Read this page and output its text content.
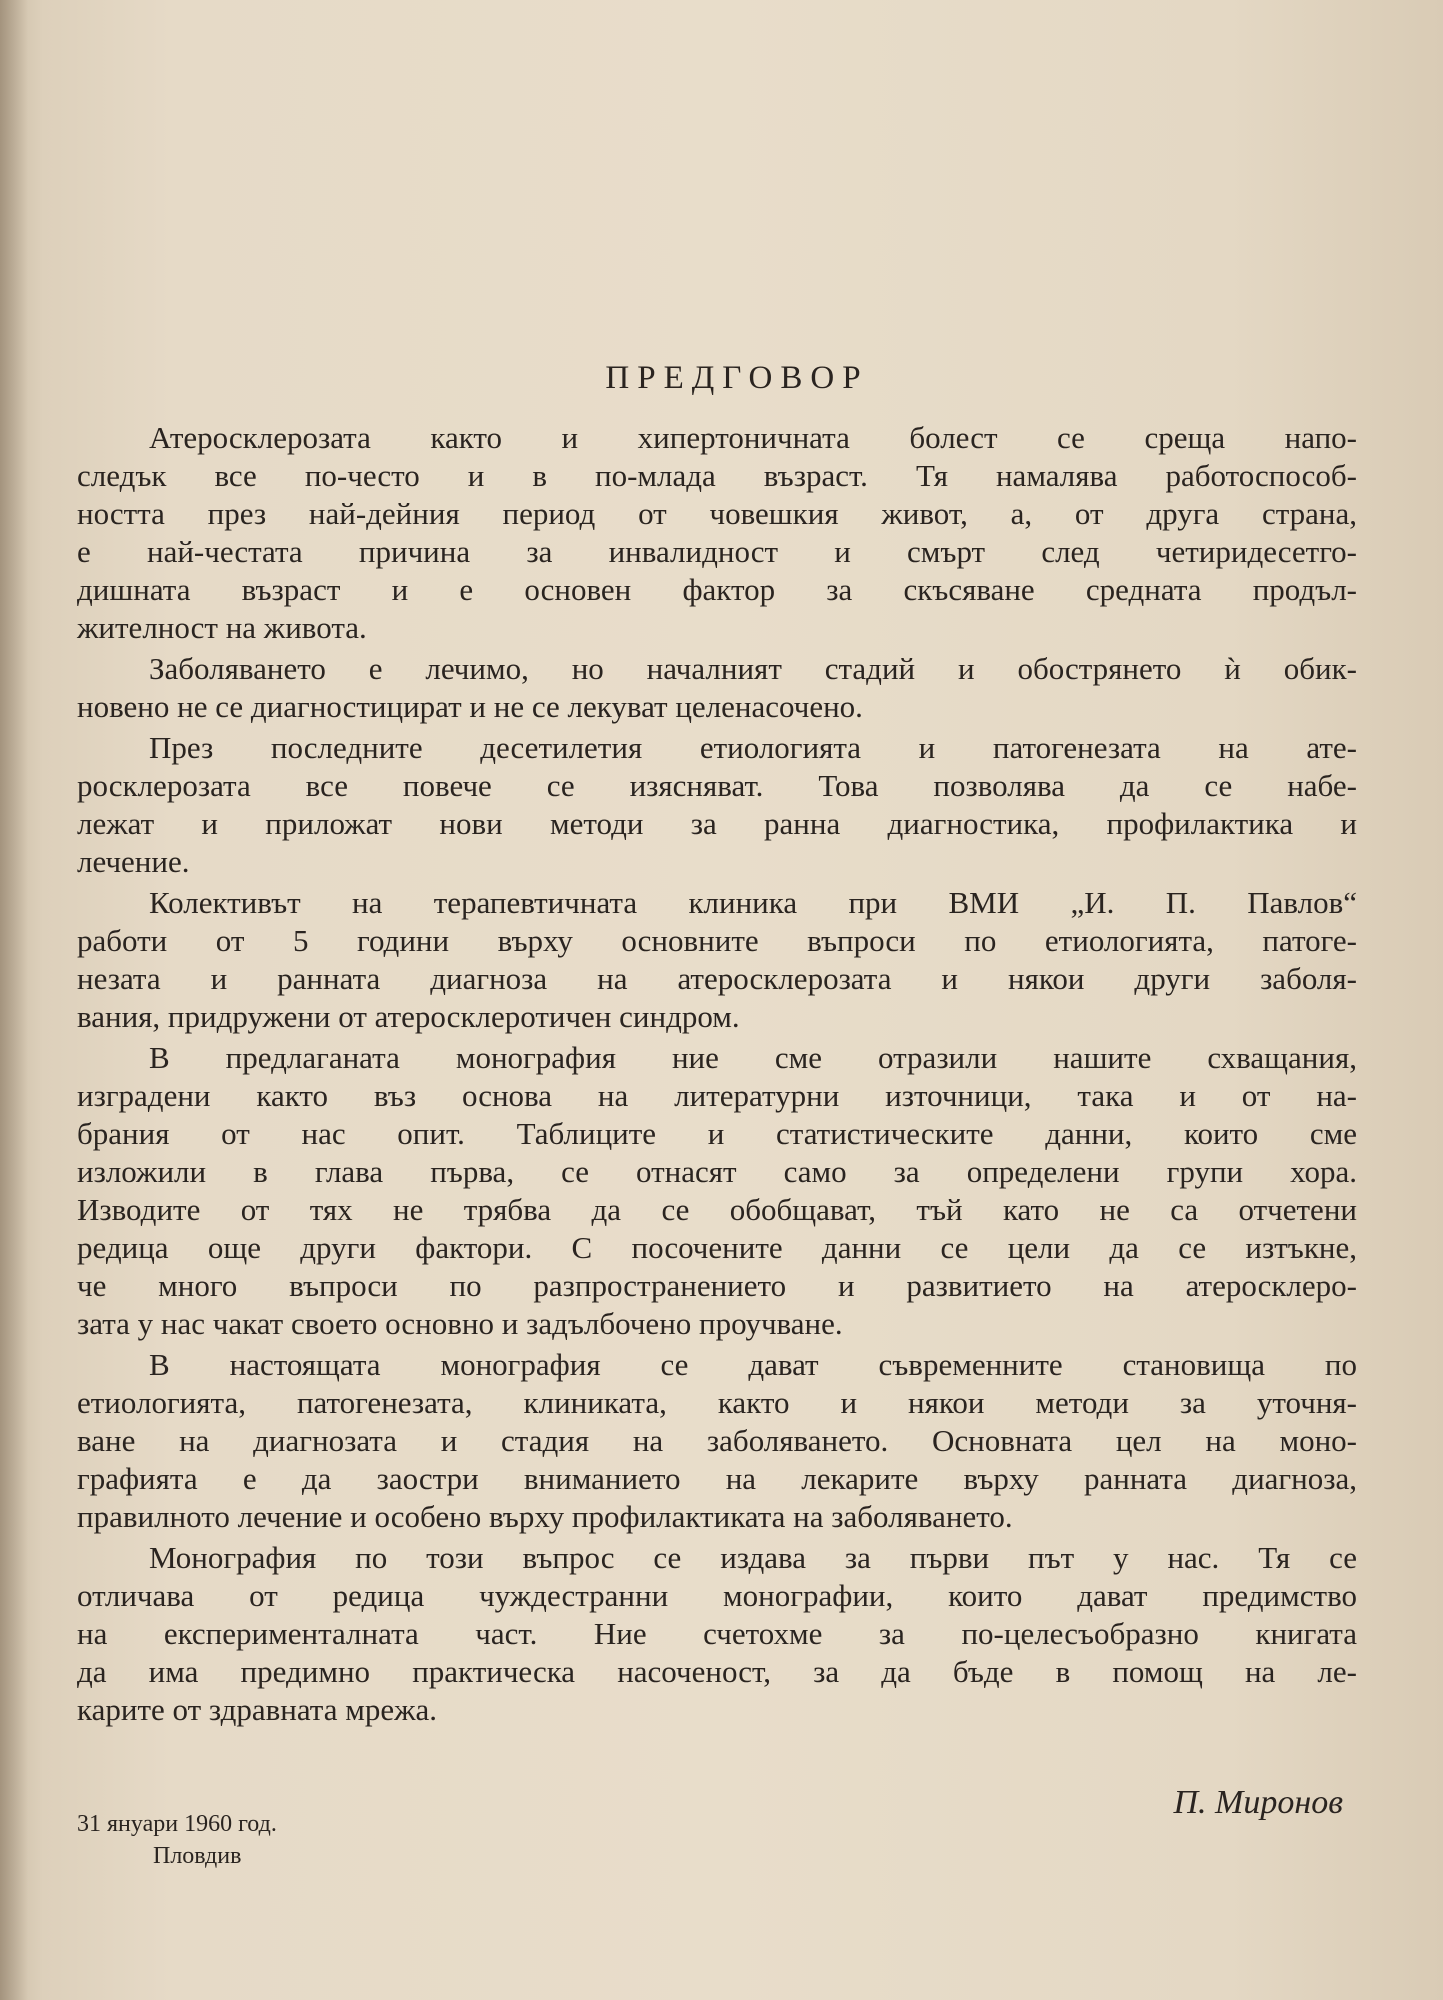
ПРЕДГОВОР
Атеросклерозата както и хипертоничната болест се среща напо-
следък все по-често и в по-млада възраст. Тя намалява работоспособ-
ността през най-дейния период от човешкия живот, а, от друга страна,
е най-честата причина за инвалидност и смърт след четиридесетго-
дишната възраст и е основен фактор за скъсяване средната продъл-
жителност на живота.
Заболяването е лечимо, но началният стадий и обострянето ѝ обик-
новено не се диагностицират и не се лекуват целенасочено.
През последните десетилетия етиологията и патогенезата на ате-
росклерозата все повече се изясняват. Това позволява да се набе-
лежат и приложат нови методи за ранна диагностика, профилактика и
лечение.
Колективът на терапевтичната клиника при ВМИ „И. П. Павлов“
работи от 5 години върху основните въпроси по етиологията, патоге-
незата и ранната диагноза на атеросклерозата и някои други заболя-
вания, придружени от атеросклеротичен синдром.
В предлаганата монография ние сме отразили нашите схващания,
изградени както въз основа на литературни източници, така и от на-
брания от нас опит. Таблиците и статистическите данни, които сме
изложили в глава първа, се отнасят само за определени групи хора.
Изводите от тях не трябва да се обобщават, тъй като не са отчетени
редица още други фактори. С посочените данни се цели да се изтъкне,
че много въпроси по разпространението и развитието на атеросклеро-
зата у нас чакат своето основно и задълбочено проучване.
В настоящата монография се дават съвременните становища по
етиологията, патогенезата, клиниката, както и някои методи за уточня-
ване на диагнозата и стадия на заболяването. Основната цел на моно-
графията е да заостри вниманието на лекарите върху ранната диагноза,
правилното лечение и особено върху профилактиката на заболяването.
Монография по този въпрос се издава за първи път у нас. Тя се
отличава от редица чуждестранни монографии, които дават предимство
на експерименталната част. Ние счетохме за по-целесъобразно книгата
да има предимно практическа насоченост, за да бъде в помощ на ле-
карите от здравната мрежа.
П. Миронов
31 януари 1960 год.
Пловдив
